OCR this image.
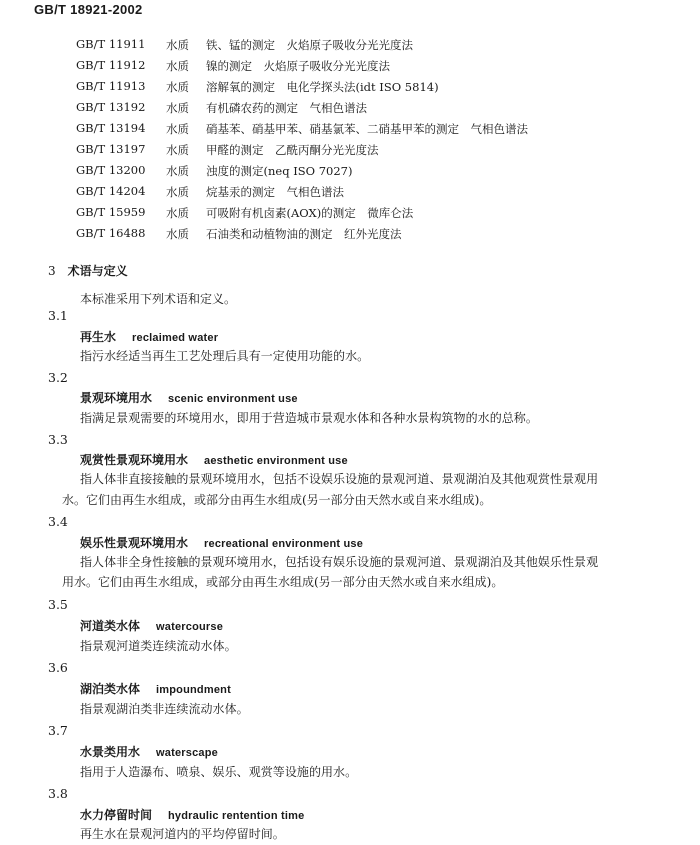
GB/T 18921-2002
GB/T 11911 水质 铁、锰的测定　火焰原子吸收分光光度法
GB/T 11912 水质 镍的测定　火焰原子吸收分光光度法
GB/T 11913 水质 溶解氧的测定　电化学探头法(idt ISO 5814)
GB/T 13192 水质 有机磷农药的测定　气相色谱法
GB/T 13194 水质 硝基苯、硝基甲苯、硝基氯苯、二硝基甲苯的测定　气相色谱法
GB/T 13197 水质 甲醛的测定　乙酰丙酮分光光度法
GB/T 13200 水质 浊度的测定(neq ISO 7027)
GB/T 14204 水质 烷基汞的测定　气相色谱法
GB/T 15959 水质 可吸附有机卤素(AOX)的测定　微库仑法
GB/T 16488 水质 石油类和动植物油的测定　红外光度法
3 术语与定义
本标准采用下列术语和定义。
3.1
再生水 reclaimed water
指污水经适当再生工艺处理后具有一定使用功能的水。
3.2
景观环境用水 scenic environment use
指满足景观需要的环境用水，即用于营造城市景观水体和各种水景构筑物的水的总称。
3.3
观赏性景观环境用水 aesthetic environment use
指人体非直接接触的景观环境用水，包括不设娱乐设施的景观河道、景观湖泊及其他观赏性景观用
水。它们由再生水组成，或部分由再生水组成(另一部分由天然水或自来水组成)。
3.4
娱乐性景观环境用水 recreational environment use
指人体非全身性接触的景观环境用水，包括设有娱乐设施的景观河道、景观湖泊及其他娱乐性景观
用水。它们由再生水组成，或部分由再生水组成(另一部分由天然水或自来水组成)。
3.5
河道类水体 watercourse
指景观河道类连续流动水体。
3.6
湖泊类水体 impoundment
指景观湖泊类非连续流动水体。
3.7
水景类用水 waterscape
指用于人造瀑布、喷泉、娱乐、观赏等设施的用水。
3.8
水力停留时间 hydraulic rentention time
再生水在景观河道内的平均停留时间。
